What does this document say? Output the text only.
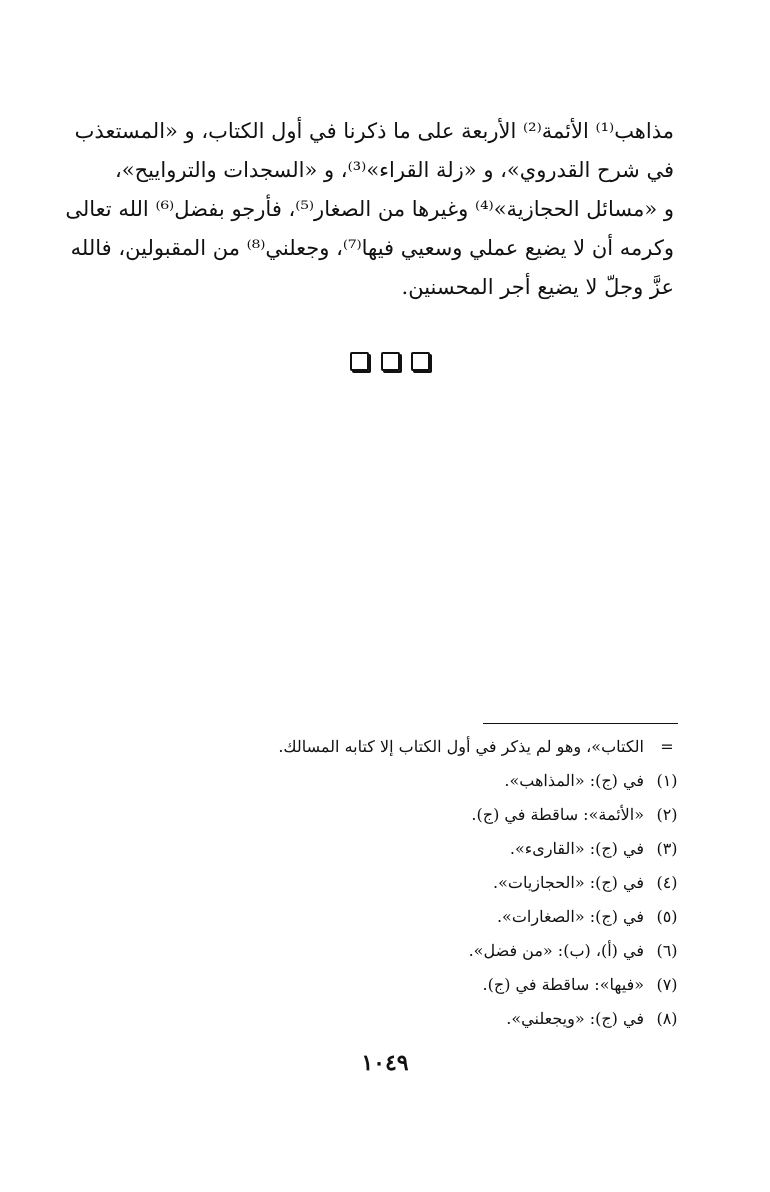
مذاهب⁽¹⁾ الأئمة⁽²⁾ الأربعة على ما ذكرنا في أول الكتاب، و «المستعذب
في شرح القدروي»، و «زلة القراء»⁽³⁾، و «السجدات والترواييح»،
و «مسائل الحجازية»⁽⁴⁾ وغيرها من الصغار⁽⁵⁾، فأرجو بفضل⁽⁶⁾ الله تعالى
وكرمه أن لا يضيع عملي وسعيي فيها⁽⁷⁾، وجعلني⁽⁸⁾ من المقبولين، فالله
عزَّ وجلّ لا يضيع أجر المحسنين.
=
الكتاب»، وهو لم يذكر في أول الكتاب إلا كتابه المسالك.
(١)
في (ج): «المذاهب».
(٢)
«الأئمة»: ساقطة في (ج).
(٣)
في (ج): «القارىء».
(٤)
في (ج): «الحجازيات».
(٥)
في (ج): «الصغارات».
(٦)
في (أ)، (ب): «من فضل».
(٧)
«فيها»: ساقطة في (ج).
(٨)
في (ج): «ويجعلني».
١٠٤٩
